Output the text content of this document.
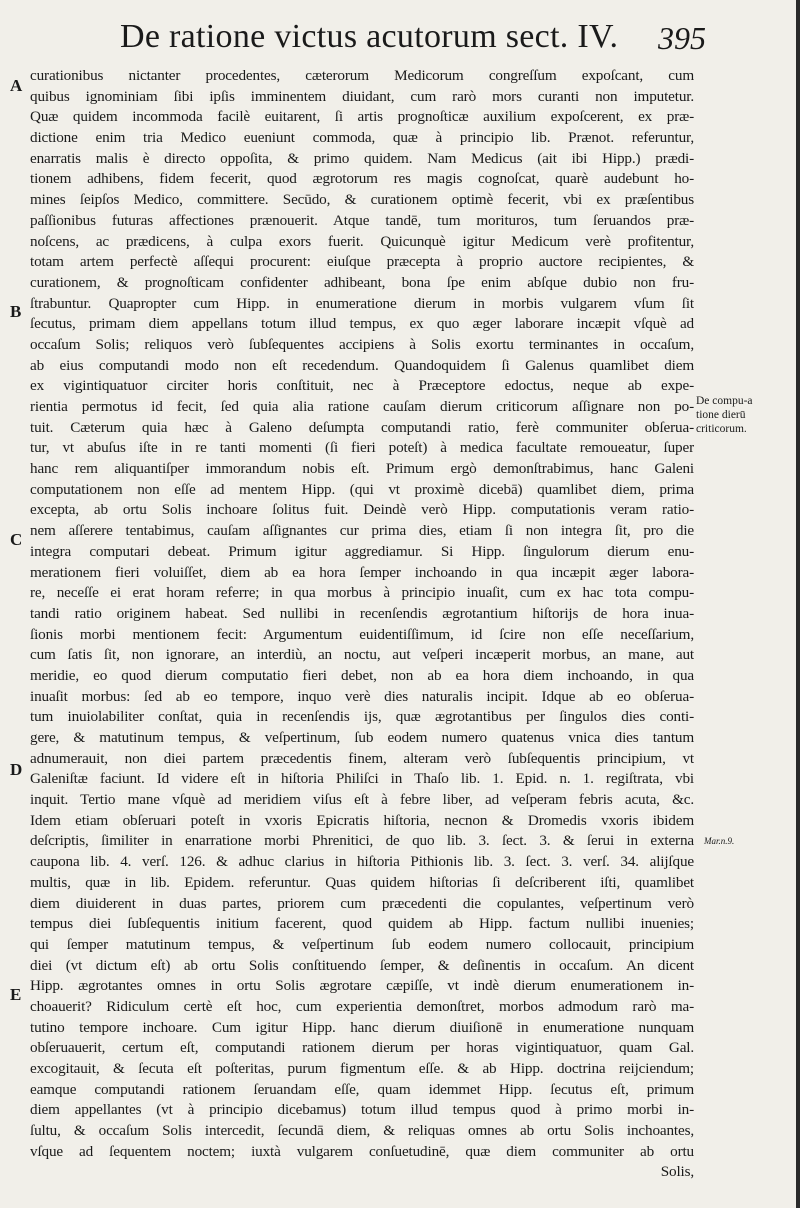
De ratione victus acutorum sect. IV. 395
A
B
C
D
E
De compu-a
tione dierū
criticorum.
Mar.n.9.
curationibus nictanter procedentes, cæterorum Medicorum congreſſum expoſcant, cum
quibus ignominiam ſibi ipſis imminentem diuidant, cum rarò mors curanti non imputetur.
Quæ quidem incommoda facilè euitarent, ſi artis prognoſticæ auxilium expoſcerent, ex præ-
dictione enim tria Medico eueniunt commoda, quæ à principio lib. Prænot. referuntur,
enarratis malis è directo oppoſita, & primo quidem. Nam Medicus (ait ibi Hipp.) prædi-
tionem adhibens, fidem fecerit, quod ægrotorum res magis cognoſcat, quarè audebunt ho-
mines ſeipſos Medico, committere. Secūdo, & curationem optimè fecerit, vbi ex præſentibus
paſſionibus futuras affectiones prænouerit. Atque tandē, tum morituros, tum ſeruandos præ-
noſcens, ac prædicens, à culpa exors fuerit. Quicunquè igitur Medicum verè profitentur,
totam artem perfectè aſſequi procurent: eiuſque præcepta à proprio auctore recipientes, &
curationem, & prognoſticam confidenter adhibeant, bona ſpe enim abſque dubio non fru-
ſtrabuntur. Quapropter cum Hipp. in enumeratione dierum in morbis vulgarem vſum ſit
ſecutus, primam diem appellans totum illud tempus, ex quo æger laborare incæpit vſquè ad
occaſum Solis; reliquos verò ſubſequentes accipiens à Solis exortu terminantes in occaſum,
ab eius computandi modo non eſt recedendum. Quandoquidem ſi Galenus quamlibet diem
ex vigintiquatuor circiter horis conſtituit, nec à Præceptore edoctus, neque ab expe-
rientia permotus id fecit, ſed quia alia ratione cauſam dierum criticorum aſſignare non po-
tuit. Cæterum quia hæc à Galeno deſumpta computandi ratio, ferè communiter obſerua-
tur, vt abuſus iſte in re tanti momenti (ſi fieri poteſt) à medica facultate remoueatur, ſuper
hanc rem aliquantiſper immorandum nobis eſt. Primum ergò demonſtrabimus, hanc Galeni
computationem non eſſe ad mentem Hipp. (qui vt proximè dicebā) quamlibet diem, prima
excepta, ab ortu Solis inchoare ſolitus fuit. Deindè verò Hipp. computationis veram ratio-
nem aſſerere tentabimus, cauſam aſſignantes cur prima dies, etiam ſi non integra ſit, pro die
integra computari debeat. Primum igitur aggrediamur. Si Hipp. ſingulorum dierum enu-
merationem fieri voluiſſet, diem ab ea hora ſemper inchoando in qua incæpit æger labora-
re, neceſſe ei erat horam referre; in qua morbus à principio inuaſit, cum ex hac tota compu-
tandi ratio originem habeat. Sed nullibi in recenſendis ægrotantium hiſtorijs de hora inua-
ſionis morbi mentionem fecit: Argumentum euidentiſſimum, id ſcire non eſſe neceſſarium,
cum ſatis ſit, non ignorare, an interdiù, an noctu, aut veſperi incæperit morbus, an mane, aut
meridie, eo quod dierum computatio fieri debet, non ab ea hora diem inchoando, in qua
inuaſit morbus: ſed ab eo tempore, inquo verè dies naturalis incipit. Idque ab eo obſerua-
tum inuiolabiliter conſtat, quia in recenſendis ijs, quæ ægrotantibus per ſingulos dies conti-
gere, & matutinum tempus, & veſpertinum, ſub eodem numero quatenus vnica dies tantum
adnumerauit, non diei partem præcedentis finem, alteram verò ſubſequentis principium, vt
Galeniſtæ faciunt. Id videre eſt in hiſtoria Philiſci in Thaſo lib. 1. Epid. n. 1. regiſtrata, vbi
inquit. Tertio mane vſquè ad meridiem viſus eſt à febre liber, ad veſperam febris acuta, &c.
Idem etiam obſeruari poteſt in vxoris Epicratis hiſtoria, necnon & Dromedis vxoris ibidem
deſcriptis, ſimiliter in enarratione morbi Phrenitici, de quo lib. 3. ſect. 3. & ſerui in externa
caupona lib. 4. verſ. 126. & adhuc clarius in hiſtoria Pithionis lib. 3. ſect. 3. verſ. 34. alijſque
multis, quæ in lib. Epidem. referuntur. Quas quidem hiſtorias ſi deſcriberent iſti, quamlibet
diem diuiderent in duas partes, priorem cum præcedenti die copulantes, veſpertinum verò
tempus diei ſubſequentis initium facerent, quod quidem ab Hipp. factum nullibi inuenies;
qui ſemper matutinum tempus, & veſpertinum ſub eodem numero collocauit, principium
diei (vt dictum eſt) ab ortu Solis conſtituendo ſemper, & deſinentis in occaſum. An dicent
Hipp. ægrotantes omnes in ortu Solis ægrotare cæpiſſe, vt indè dierum enumerationem in-
choauerit? Ridiculum certè eſt hoc, cum experientia demonſtret, morbos admodum rarò ma-
tutino tempore inchoare. Cum igitur Hipp. hanc dierum diuiſionē in enumeratione nunquam
obſeruauerit, certum eſt, computandi rationem dierum per horas vigintiquatuor, quam Gal.
excogitauit, & ſecuta eſt poſteritas, purum figmentum eſſe. & ab Hipp. doctrina reijciendum;
eamque computandi rationem ſeruandam eſſe, quam idemmet Hipp. ſecutus eſt, primum
diem appellantes (vt à principio dicebamus) totum illud tempus quod à primo morbi in-
ſultu, & occaſum Solis intercedit, ſecundā diem, & reliquas omnes ab ortu Solis inchoantes,
vſque ad ſequentem noctem; iuxtà vulgarem conſuetudinē, quæ diem communiter ab ortu
Solis,
